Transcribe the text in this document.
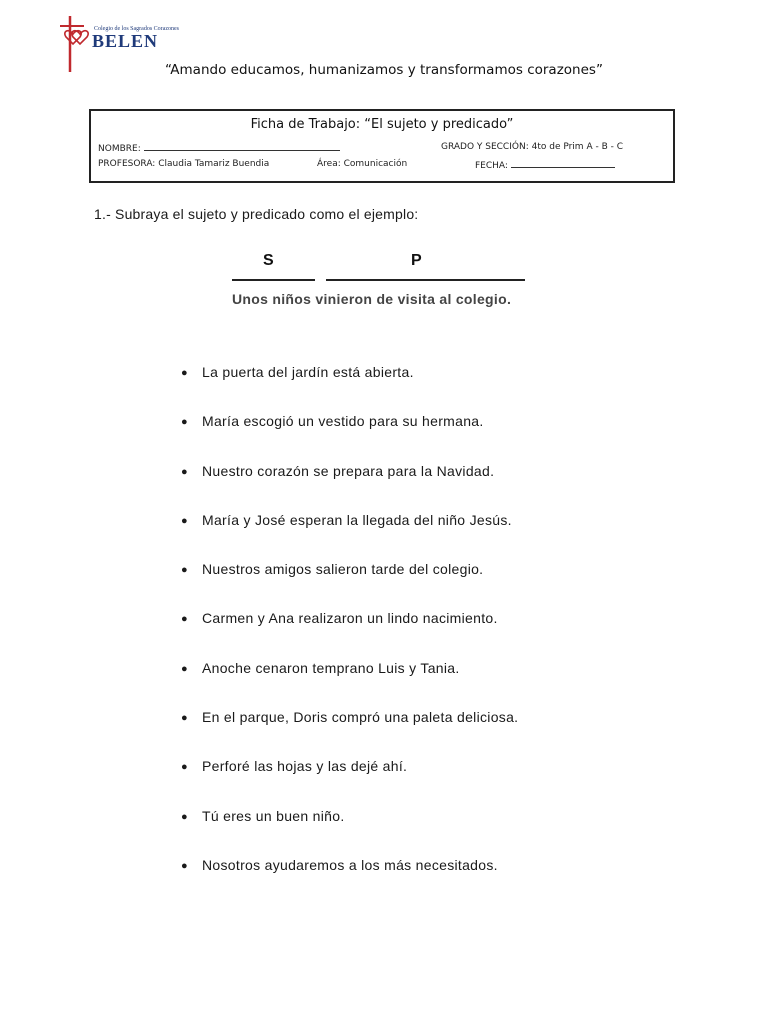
Colegio de los Sagrados Corazones
BELEN
“Amando educamos, humanizamos y transformamos corazones”
Ficha de Trabajo: “El sujeto y predicado”
NOMBRE:	GRADO Y SECCIÓN: 4to de Prim A - B - C
PROFESORA: Claudia Tamariz Buendia	Área: Comunicación	FECHA:
1.- Subraya el sujeto y predicado como el ejemplo:
S	P
Unos niños vinieron de visita al colegio.
● La puerta del jardín está abierta.
● María escogió un vestido para su hermana.
● Nuestro corazón se prepara para la Navidad.
● María y José esperan la llegada del niño Jesús.
● Nuestros amigos salieron tarde del colegio.
● Carmen y Ana realizaron un lindo nacimiento.
● Anoche cenaron temprano Luis y Tania.
● En el parque, Doris compró una paleta deliciosa.
● Perforé las hojas y las dejé ahí.
● Tú eres un buen niño.
● Nosotros ayudaremos a los más necesitados.
